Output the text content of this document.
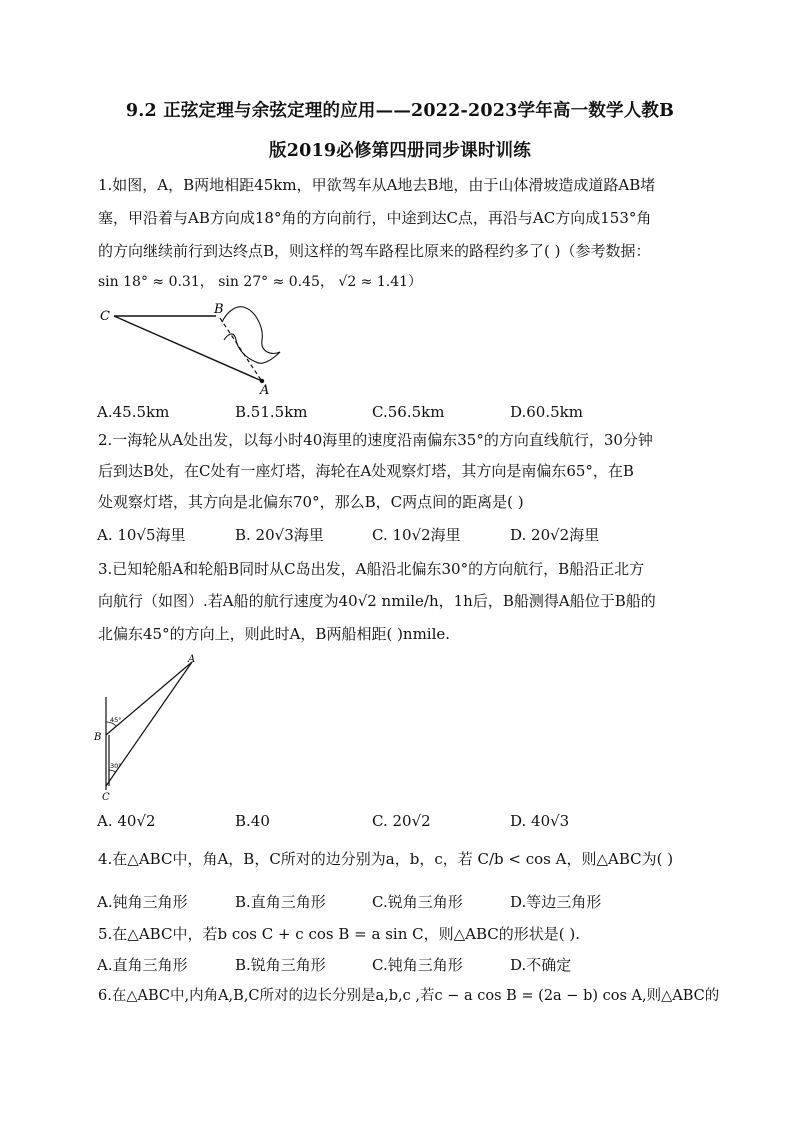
9.2 正弦定理与余弦定理的应用——2022-2023学年高一数学人教B
版2019必修第四册同步课时训练
1.如图，A，B两地相距45km，甲欲驾车从A地去B地，由于山体滑坡造成道路AB堵
塞，甲沿着与AB方向成18°角的方向前行，中途到达C点，再沿与AC方向成153°角
的方向继续前行到达终点B，则这样的驾车路程比原来的路程约多了( )（参考数据：
sin 18° ≈ 0.31， sin 27° ≈ 0.45， √2 ≈ 1.41）
C	B
A
A.45.5km	B.51.5km	C.56.5km	D.60.5km
2.一海轮从A处出发，以每小时40海里的速度沿南偏东35°的方向直线航行，30分钟
后到达B处，在C处有一座灯塔，海轮在A处观察灯塔，其方向是南偏东65°，在B
处观察灯塔，其方向是北偏东70°，那么B，C两点间的距离是( )
A. 10√5海里	B. 20√3海里	C. 10√2海里	D. 20√2海里
3.已知轮船A和轮船B同时从C岛出发，A船沿北偏东30°的方向航行，B船沿正北方
向航行（如图）.若A船的航行速度为40√2 nmile/h，1h后，B船测得A船位于B船的
北偏东45°的方向上，则此时A，B两船相距( )nmile.
A
B
C
45°
30°
A. 40√2	B.40	C. 20√2	D. 40√3
4.在△ABC中，角A，B，C所对的边分别为a，b，c，若 C/b < cos A，则△ABC为( )
A.钝角三角形	B.直角三角形	C.锐角三角形	D.等边三角形
5.在△ABC中，若b cos C + c cos B = a sin C，则△ABC的形状是( ).
A.直角三角形	B.锐角三角形	C.钝角三角形	D.不确定
6.在△ABC中,内角A,B,C所对的边长分别是a,b,c ,若c − a cos B = (2a − b) cos A,则△ABC的
